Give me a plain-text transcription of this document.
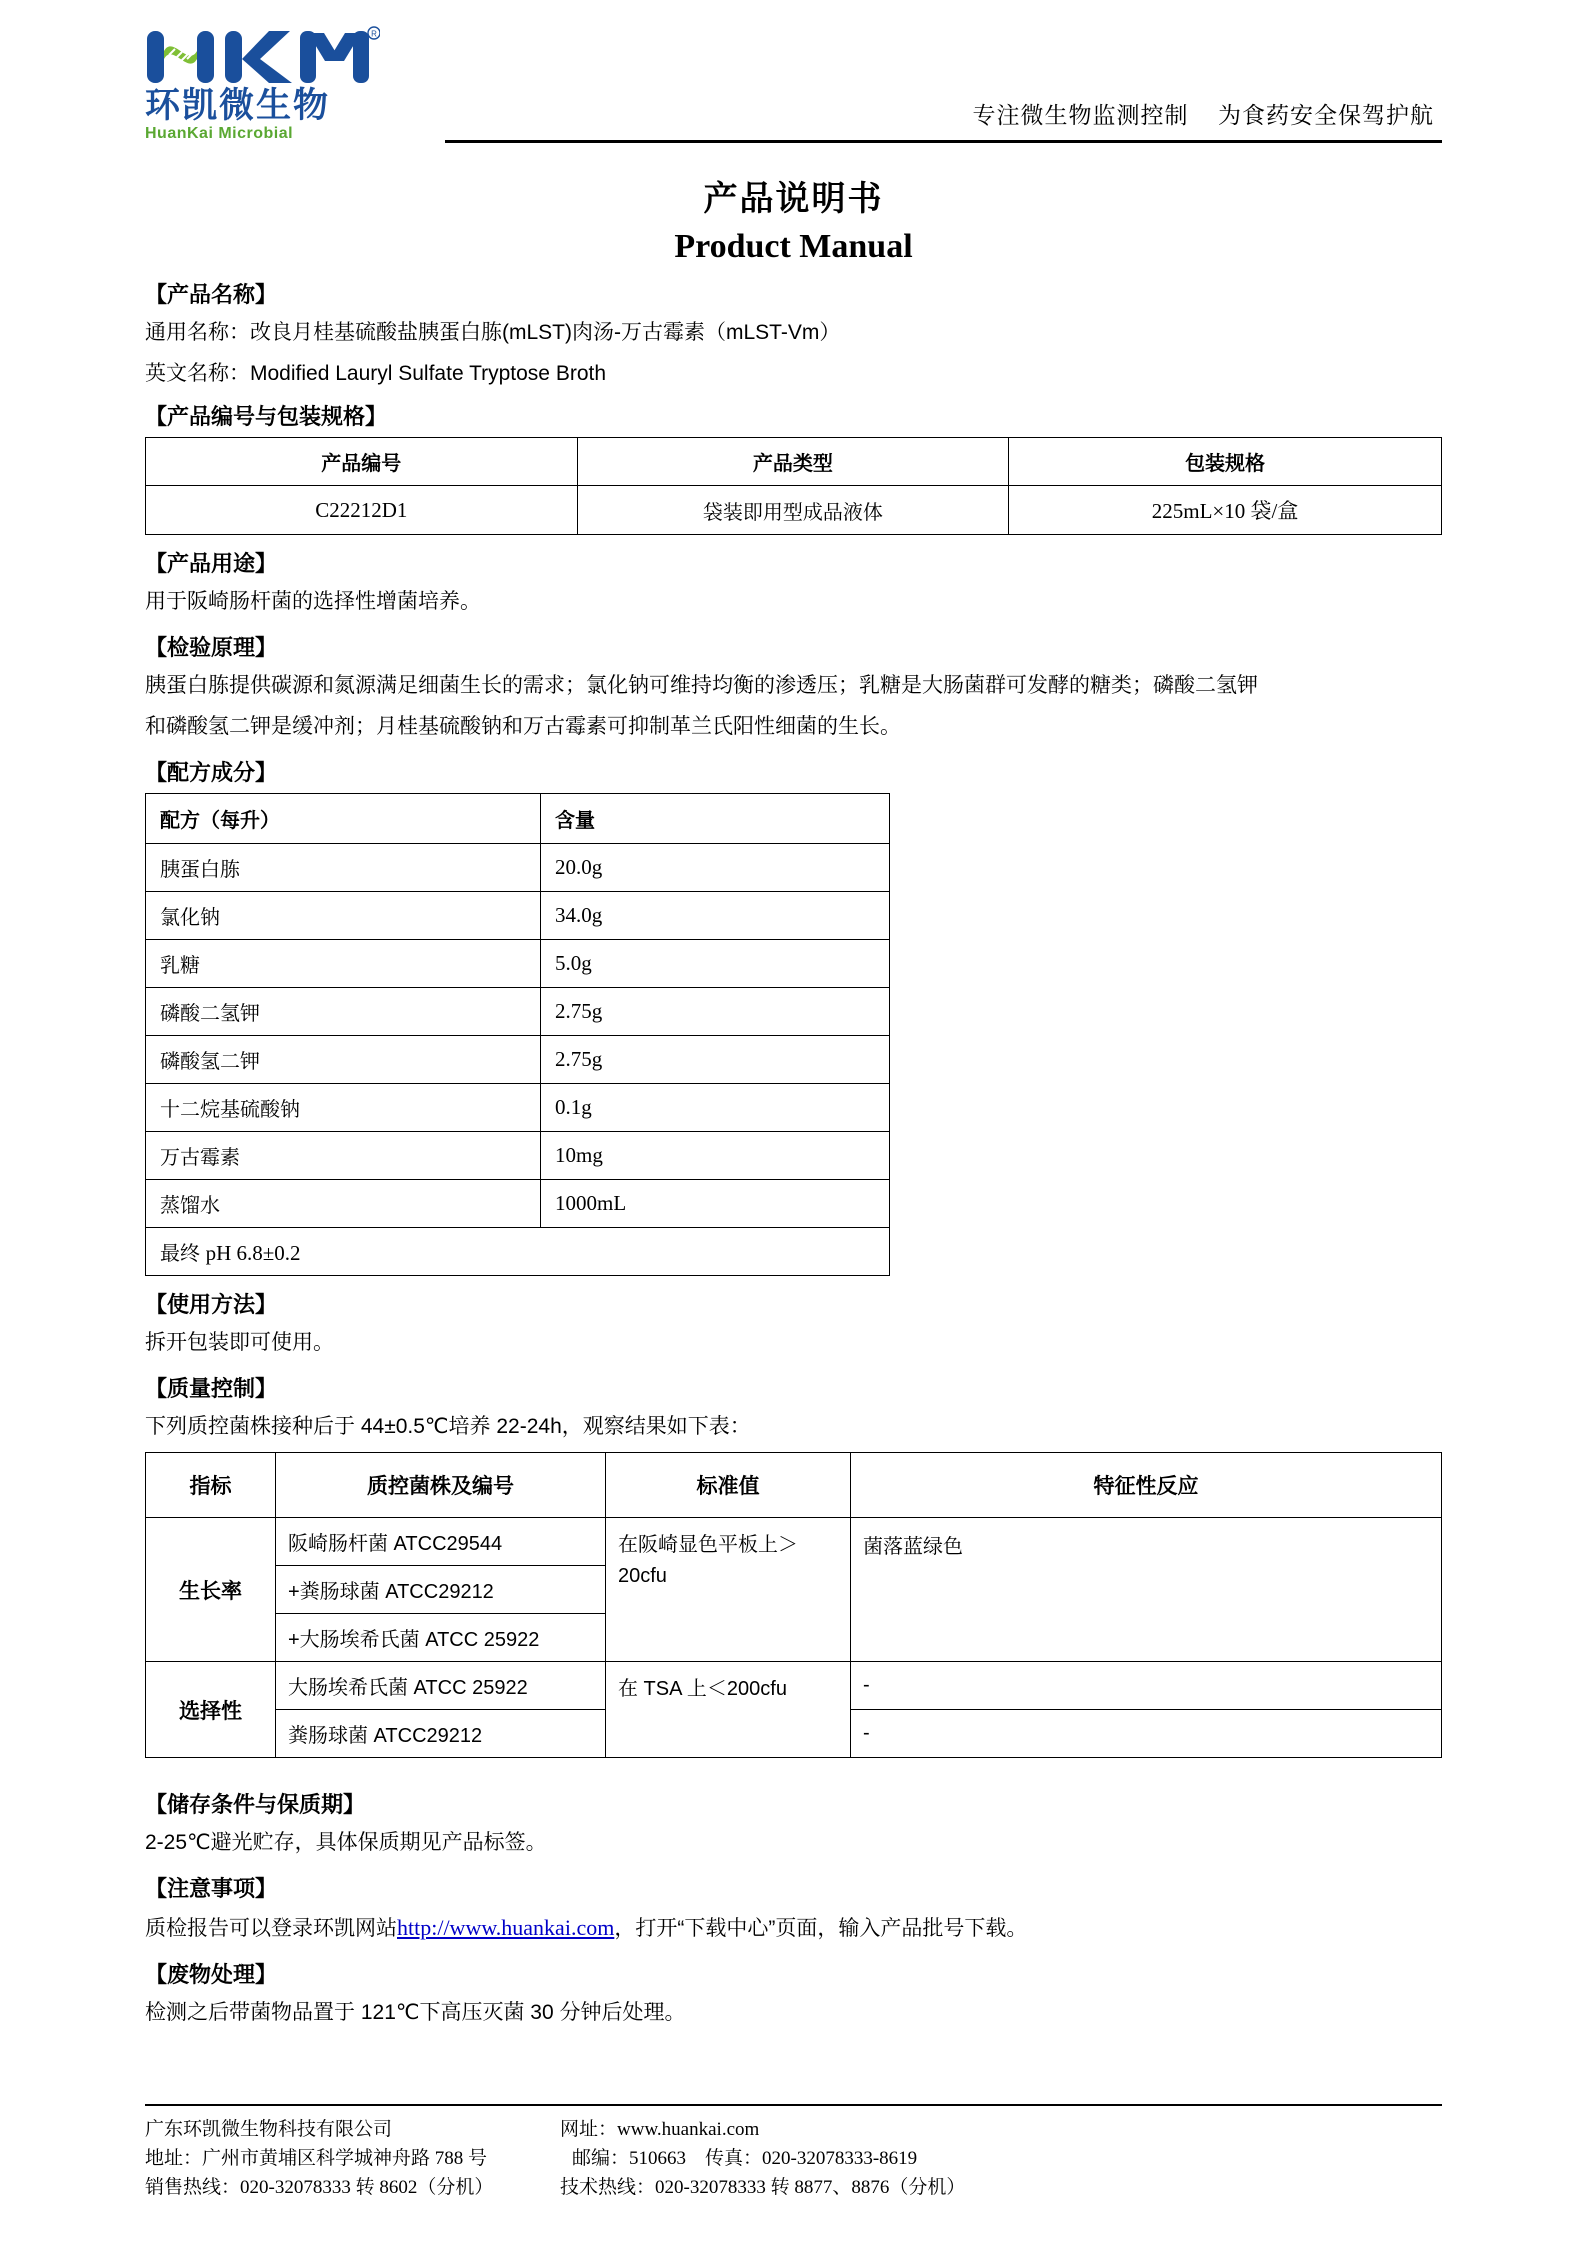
R
环凯微生物
HuanKai Microbial
专注微生物监测控制    为食药安全保驾护航
产品说明书
Product Manual
【产品名称】
通用名称：改良月桂基硫酸盐胰蛋白胨(mLST)肉汤-万古霉素（mLST-Vm）
英文名称：Modified Lauryl Sulfate Tryptose Broth
【产品编号与包装规格】
产品编号	产品类型	包装规格
C22212D1	袋装即用型成品液体	225mL×10 袋/盒
【产品用途】
用于阪崎肠杆菌的选择性增菌培养。
【检验原理】
胰蛋白胨提供碳源和氮源满足细菌生长的需求；氯化钠可维持均衡的渗透压；乳糖是大肠菌群可发酵的糖类；磷酸二氢钾
和磷酸氢二钾是缓冲剂；月桂基硫酸钠和万古霉素可抑制革兰氏阳性细菌的生长。
【配方成分】
配方（每升）	含量
胰蛋白胨	20.0g
氯化钠	34.0g
乳糖	5.0g
磷酸二氢钾	2.75g
磷酸氢二钾	2.75g
十二烷基硫酸钠	0.1g
万古霉素	10mg
蒸馏水	1000mL
最终 pH 6.8±0.2	
【使用方法】
拆开包装即可使用。
【质量控制】
下列质控菌株接种后于 44±0.5℃培养 22-24h，观察结果如下表：
指标	质控菌株及编号	标准值	特征性反应
生长率	阪崎肠杆菌 ATCC29544	在阪崎显色平板上＞20cfu	菌落蓝绿色
	+粪肠球菌 ATCC29212		
	+大肠埃希氏菌 ATCC 25922		
选择性	大肠埃希氏菌 ATCC 25922	在 TSA 上＜200cfu	-
	粪肠球菌 ATCC29212		-
【储存条件与保质期】
2-25℃避光贮存，具体保质期见产品标签。
【注意事项】
质检报告可以登录环凯网站http://www.huankai.com，打开“下载中心”页面，输入产品批号下载。
【废物处理】
检测之后带菌物品置于 121℃下高压灭菌 30 分钟后处理。
广东环凯微生物科技有限公司
地址：广州市黄埔区科学城神舟路 788 号
销售热线：020-32078333 转 8602（分机）
网址：www.huankai.com
邮编：510663    传真：020-32078333-8619
技术热线：020-32078333 转 8877、8876（分机）
